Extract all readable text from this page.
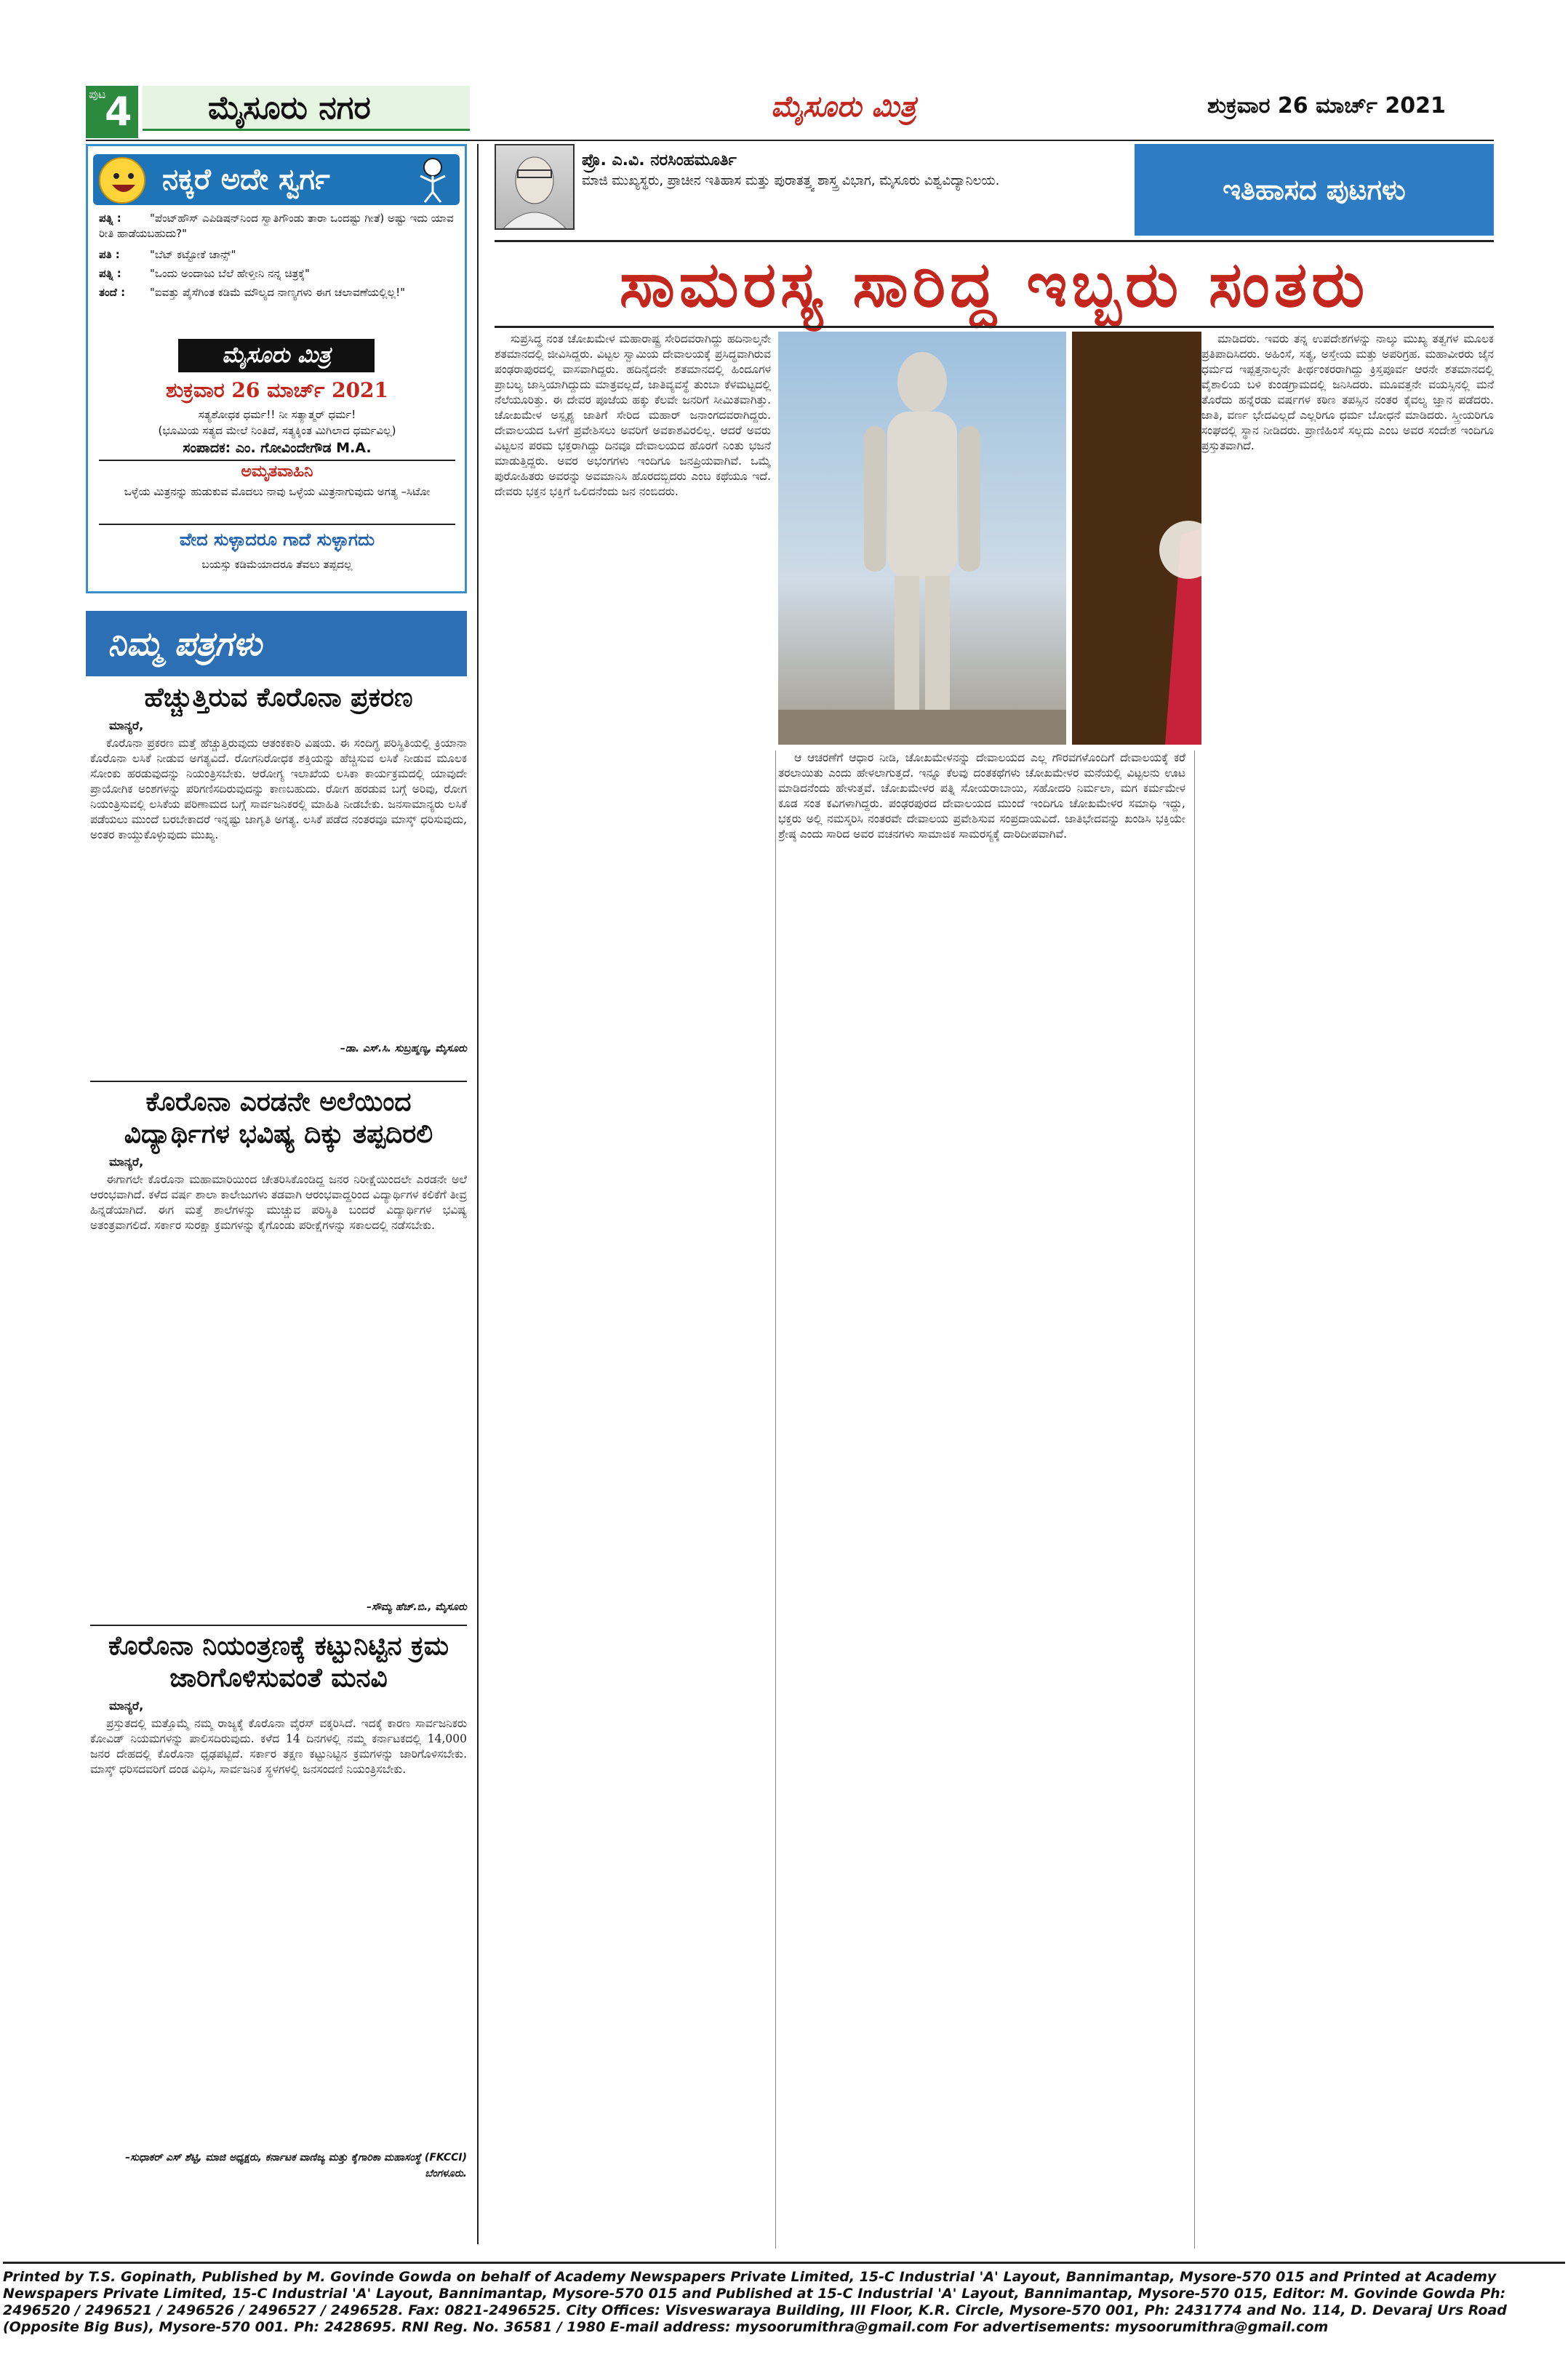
ಪುಟ
4	ಮೈಸೂರು ನಗರ	ಮೈಸೂರು ಮಿತ್ರ	ಶುಕ್ರವಾರ 26 ಮಾರ್ಚ್ 2021
ನಕ್ಕರೆ ಅದೇ ಸ್ವರ್ಗ
ಪತ್ನಿ :	"ಪೆಂಟ್‌ಹೌಸ್ ಎಪಿಡಿಷನ್‌ನಿಂದ ಸ್ವಾತಿಗೌಂಡು ತಾರಾ ಒಂದಷ್ಟು ಗೀತೆ) ಅಷ್ಟು ಇದು ಯಾವ ರೀತಿ ಹಾಡೆಯಬಹುದು?"
ಪತಿ :	"ಬೆಟ್ ಕಟ್ಟೋಕೆ ಚಾನ್ಸ್"
ಪತ್ನಿ :	"ಒಂದು ಅಂದಾಜು ಬೆಲೆ ಹೇಳ್ತೀನಿ ನನ್ನ ಚಿತ್ರಕ್ಕೆ"
ತಂದೆ : "ಐವತ್ತು ಪೈಸೆಗಿಂತ ಕಡಿಮೆ ಮೌಲ್ಯದ ನಾಣ್ಯಗಳು ಈಗ ಚಲಾವಣೆಯಲ್ಲಿಲ್ಲ!"
ಮೈಸೂರು ಮಿತ್ರ
ಶುಕ್ರವಾರ 26 ಮಾರ್ಚ್ 2021
ಸತ್ಯಶೋಧಕ ಧರ್ಮ!! ನೀ ಸತ್ಯಾತ್ಮರ್ ಧರ್ಮ!
(ಭೂಮಿಯ ಸತ್ಯದ ಮೇಲೆ ನಿಂತಿದೆ, ಸತ್ಯಕ್ಕಿಂತ ಮಿಗಿಲಾದ ಧರ್ಮವಿಲ್ಲ)
ಸಂಪಾದಕ: ಎಂ. ಗೋವಿಂದೇಗೌಡ M.A.
ಅಮೃತವಾಹಿನಿ
ಒಳ್ಳೆಯ ಮಿತ್ರನನ್ನು ಹುಡುಕುವ ಮೊದಲು ನಾವು ಒಳ್ಳೆಯ ಮಿತ್ರನಾಗುವುದು ಅಗತ್ಯ –ಸಿಟೋ
ವೇದ ಸುಳ್ಳಾದರೂ ಗಾದೆ ಸುಳ್ಳಾಗದು
ಬಯಸ್ಸು ಕಡಿಮೆಯಾದರೂ ತೆವಲು ತಪ್ಪದಲ್ಲ
ನಿಮ್ಮ ಪತ್ರಗಳು
ಹೆಚ್ಚುತ್ತಿರುವ ಕೊರೊನಾ ಪ್ರಕರಣ
ಮಾನ್ಯರೆ,

ಕೊರೊನಾ ಪ್ರಕರಣ ಮತ್ತೆ ಹೆಚ್ಚುತ್ತಿರುವುದು ಆತಂಕಕಾರಿ ವಿಷಯ. ಈ ಸಂದಿಗ್ಧ ಪರಿಸ್ಥಿತಿಯಲ್ಲಿ ಕ್ರಿಯಾನಾ ಕೊರೊನಾ ಲಸಿಕೆ ನೀಡುವ ಅಗತ್ಯವಿದೆ. ರೋಗನಿರೋಧಕ ಶಕ್ತಿಯನ್ನು ಹೆಚ್ಚಿಸುವ ಲಸಿಕೆ ನೀಡುವ ಮೂಲಕ ಸೋಂಕು ಹರಡುವುದನ್ನು ನಿಯಂತ್ರಿಸಬೇಕು. ಆರೋಗ್ಯ ಇಲಾಖೆಯ ಲಸಿಕಾ ಕಾರ್ಯಕ್ರಮದಲ್ಲಿ ಯಾವುದೇ ಪ್ರಾಯೋಗಿಕ ಅಂಶಗಳನ್ನು ಪರಿಗಣಿಸದಿರುವುದನ್ನು ಕಾಣಬಹುದು. ರೋಗ ಹರಡುವ ಬಗ್ಗೆ ಅರಿವು, ರೋಗ ನಿಯಂತ್ರಿಸುವಲ್ಲಿ ಲಸಿಕೆಯ ಪರಿಣಾಮದ ಬಗ್ಗೆ ಸಾರ್ವಜನಿಕರಲ್ಲಿ ಮಾಹಿತಿ ನೀಡಬೇಕು. ಜನಸಾಮಾನ್ಯರು ಲಸಿಕೆ ಪಡೆಯಲು ಮುಂದೆ ಬರಬೇಕಾದರೆ ಇನ್ನಷ್ಟು ಜಾಗೃತಿ ಅಗತ್ಯ. ಲಸಿಕೆ ಪಡೆದ ನಂತರವೂ ಮಾಸ್ಕ್ ಧರಿಸುವುದು, ಅಂತರ ಕಾಯ್ದುಕೊಳ್ಳುವುದು ಮುಖ್ಯ.

–ಡಾ. ಎಸ್.ಸಿ. ಸುಬ್ರಹ್ಮಣ್ಯ, ಮೈಸೂರು
ಕೊರೊನಾ ಎರಡನೇ ಅಲೆಯಿಂದ ವಿದ್ಯಾರ್ಥಿಗಳ ಭವಿಷ್ಯ ದಿಕ್ಕು ತಪ್ಪದಿರಲಿ
ಮಾನ್ಯರೆ,

ಈಗಾಗಲೇ ಕೊರೊನಾ ಮಹಾಮಾರಿಯಿಂದ ಚೇತರಿಸಿಕೊಂಡಿದ್ದ ಜನರ ನಿರೀಕ್ಷೆಯಿಂದಲೇ ಎರಡನೇ ಅಲೆ ಆರಂಭವಾಗಿದೆ. ಕಳೆದ ವರ್ಷ ಶಾಲಾ ಕಾಲೇಜುಗಳು ತಡವಾಗಿ ಆರಂಭವಾದ್ದರಿಂದ ವಿದ್ಯಾರ್ಥಿಗಳ ಕಲಿಕೆಗೆ ತೀವ್ರ ಹಿನ್ನಡೆಯಾಗಿದೆ. ಈಗ ಮತ್ತೆ ಶಾಲೆಗಳನ್ನು ಮುಚ್ಚುವ ಪರಿಸ್ಥಿತಿ ಬಂದರೆ ವಿದ್ಯಾರ್ಥಿಗಳ ಭವಿಷ್ಯ ಅತಂತ್ರವಾಗಲಿದೆ. ಸರ್ಕಾರ ಸುರಕ್ಷಾ ಕ್ರಮಗಳನ್ನು ಕೈಗೊಂಡು ಪರೀಕ್ಷೆಗಳನ್ನು ಸಕಾಲದಲ್ಲಿ ನಡೆಸಬೇಕು.

–ಸೌಮ್ಯ ಹೆಚ್.ಬಿ., ಮೈಸೂರು
ಕೊರೊನಾ ನಿಯಂತ್ರಣಕ್ಕೆ ಕಟ್ಟುನಿಟ್ಟಿನ ಕ್ರಮ ಜಾರಿಗೊಳಿಸುವಂತೆ ಮನವಿ
ಮಾನ್ಯರೆ,

ಪ್ರಸ್ತುತದಲ್ಲಿ ಮತ್ತೊಮ್ಮೆ ನಮ್ಮ ರಾಜ್ಯಕ್ಕೆ ಕೊರೊನಾ ವೈರಸ್ ವಕ್ಕರಿಸಿದೆ. ಇದಕ್ಕೆ ಕಾರಣ ಸಾರ್ವಜನಿಕರು ಕೋವಿಡ್ ನಿಯಮಗಳನ್ನು ಪಾಲಿಸದಿರುವುದು. ಕಳೆದ 14 ದಿನಗಳಲ್ಲಿ ನಮ್ಮ ಕರ್ನಾಟಕದಲ್ಲಿ 14,000 ಜನರ ದೇಹದಲ್ಲಿ ಕೊರೊನಾ ಧೃಢಪಟ್ಟಿದೆ. ಸರ್ಕಾರ ತಕ್ಷಣ ಕಟ್ಟುನಿಟ್ಟಿನ ಕ್ರಮಗಳನ್ನು ಜಾರಿಗೊಳಿಸಬೇಕು. ಮಾಸ್ಕ್ ಧರಿಸದವರಿಗೆ ದಂಡ ವಿಧಿಸಿ, ಸಾರ್ವಜನಿಕ ಸ್ಥಳಗಳಲ್ಲಿ ಜನಸಂದಣಿ ನಿಯಂತ್ರಿಸಬೇಕು.

–ಸುಧಾಕರ್ ಎಸ್ ಶೆಟ್ಟಿ, ಮಾಜಿ ಅಧ್ಯಕ್ಷರು, ಕರ್ನಾಟಕ ವಾಣಿಜ್ಯ ಮತ್ತು ಕೈಗಾರಿಕಾ ಮಹಾಸಂಸ್ಥೆ (FKCCI) ಬೆಂಗಳೂರು.
ಪ್ರೊ. ಎ.ವಿ. ನರಸಿಂಹಮೂರ್ತಿ
ಮಾಜಿ ಮುಖ್ಯಸ್ಥರು, ಪ್ರಾಚೀನ ಇತಿಹಾಸ ಮತ್ತು ಪುರಾತತ್ತ್ವ ಶಾಸ್ತ್ರ ವಿಭಾಗ, ಮೈಸೂರು ವಿಶ್ವವಿದ್ಯಾನಿಲಯ.	ಇತಿಹಾಸದ ಪುಟಗಳು
ಸಾಮರಸ್ಯ ಸಾರಿದ್ದ ಇಬ್ಬರು ಸಂತರು

ಸುಪ್ರಸಿದ್ಧ ನಂತ ಚೋಖಮೇಳ ಮಹಾರಾಷ್ಟ್ರ ಸೇರಿದವರಾಗಿದ್ದು ಹದಿನಾಲ್ಕನೇ ಶತಮಾನದಲ್ಲಿ ಜೀವಿಸಿದ್ದರು. ವಿಟ್ಟಲ ಸ್ವಾಮಿಯ ದೇವಾಲಯಕ್ಕೆ ಪ್ರಸಿದ್ಧವಾಗಿರುವ ಪಂಢರಾಪುರದಲ್ಲಿ ವಾಸವಾಗಿದ್ದರು. ಹದಿನೈದನೇ ಶತಮಾನದಲ್ಲಿ ಹಿಂದೂಗಳ ಪ್ರಾಬಲ್ಯ ಜಾಸ್ತಿಯಾಗಿದ್ದುದು ಮಾತ್ರವಲ್ಲದೆ, ಜಾತಿವ್ಯವಸ್ಥೆ ತುಂಬಾ ಕೆಳಮಟ್ಟದಲ್ಲಿ ನೆಲೆಯೂರಿತ್ತು. ಈ ದೇವರ ಪೂಜೆಯ ಹಕ್ಕು ಕೆಲವೇ ಜನರಿಗೆ ಸೀಮಿತವಾಗಿತ್ತು. ಚೋಖಮೇಳ ಅಸ್ಪೃಶ್ಯ ಜಾತಿಗೆ ಸೇರಿದ ಮಹಾರ್ ಜನಾಂಗದವರಾಗಿದ್ದರು. ದೇವಾಲಯದ ಒಳಗೆ ಪ್ರವೇಶಿಸಲು ಅವರಿಗೆ ಅವಕಾಶವಿರಲಿಲ್ಲ. ಆದರೆ ಅವರು ವಿಟ್ಟಲನ ಪರಮ ಭಕ್ತರಾಗಿದ್ದು ದಿನವೂ ದೇವಾಲಯದ ಹೊರಗೆ ನಿಂತು ಭಜನೆ ಮಾಡುತ್ತಿದ್ದರು. ಅವರ ಅಭಂಗಗಳು ಇಂದಿಗೂ ಜನಪ್ರಿಯವಾಗಿವೆ. ಒಮ್ಮೆ ಪುರೋಹಿತರು ಅವರನ್ನು ಅವಮಾನಿಸಿ ಹೊರದಬ್ಬಿದರು ಎಂಬ ಕಥೆಯೂ ಇದೆ. ದೇವರು ಭಕ್ತನ ಭಕ್ತಿಗೆ ಒಲಿದನೆಂದು ಜನ ನಂಬಿದರು.

ಆ ಆಚರಣೆಗೆ ಆಧಾರ ನೀಡಿ, ಚೋಖಮೇಳನನ್ನು ದೇವಾಲಯದ ಎಲ್ಲ ಗೌರವಗಳೊಂದಿಗೆ ದೇವಾಲಯಕ್ಕೆ ಕರೆ ತರಲಾಯಿತು ಎಂದು ಹೇಳಲಾಗುತ್ತದೆ. ಇನ್ನೂ ಕೆಲವು ದಂತಕಥೆಗಳು ಚೋಖಮೇಳರ ಮನೆಯಲ್ಲಿ ವಿಟ್ಟಲನು ಊಟ ಮಾಡಿದನೆಂದು ಹೇಳುತ್ತವೆ. ಚೋಖಮೇಳರ ಪತ್ನಿ ಸೋಯರಾಬಾಯಿ, ಸಹೋದರಿ ನಿರ್ಮಲಾ, ಮಗ ಕರ್ಮಮೇಳ ಕೂಡ ಸಂತ ಕವಿಗಳಾಗಿದ್ದರು. ಪಂಢರಪುರದ ದೇವಾಲಯದ ಮುಂದೆ ಇಂದಿಗೂ ಚೋಖಮೇಳರ ಸಮಾಧಿ ಇದ್ದು, ಭಕ್ತರು ಅಲ್ಲಿ ನಮಸ್ಕರಿಸಿ ನಂತರವೇ ದೇವಾಲಯ ಪ್ರವೇಶಿಸುವ ಸಂಪ್ರದಾಯವಿದೆ. ಜಾತಿಭೇದವನ್ನು ಖಂಡಿಸಿ ಭಕ್ತಿಯೇ ಶ್ರೇಷ್ಠ ಎಂದು ಸಾರಿದ ಅವರ ವಚನಗಳು ಸಾಮಾಜಿಕ ಸಾಮರಸ್ಯಕ್ಕೆ ದಾರಿದೀಪವಾಗಿವೆ.

ಮಾಡಿದರು. ಇವರು ತನ್ನ ಉಪದೇಶಗಳನ್ನು ನಾಲ್ಕು ಮುಖ್ಯ ತತ್ವಗಳ ಮೂಲಕ ಪ್ರತಿಪಾದಿಸಿದರು. ಅಹಿಂಸೆ, ಸತ್ಯ, ಅಸ್ತೇಯ ಮತ್ತು ಅಪರಿಗ್ರಹ. ಮಹಾವೀರರು ಜೈನ ಧರ್ಮದ ಇಪ್ಪತ್ತನಾಲ್ಕನೇ ತೀರ್ಥಂಕರರಾಗಿದ್ದು ಕ್ರಿಸ್ತಪೂರ್ವ ಆರನೇ ಶತಮಾನದಲ್ಲಿ ವೈಶಾಲಿಯ ಬಳಿ ಕುಂಡಗ್ರಾಮದಲ್ಲಿ ಜನಿಸಿದರು. ಮೂವತ್ತನೇ ವಯಸ್ಸಿನಲ್ಲಿ ಮನೆ ತೊರೆದು ಹನ್ನೆರಡು ವರ್ಷಗಳ ಕಠಿಣ ತಪಸ್ಸಿನ ನಂತರ ಕೈವಲ್ಯ ಜ್ಞಾನ ಪಡೆದರು. ಜಾತಿ, ವರ್ಣ ಭೇದವಿಲ್ಲದೆ ಎಲ್ಲರಿಗೂ ಧರ್ಮ ಬೋಧನೆ ಮಾಡಿದರು. ಸ್ತ್ರೀಯರಿಗೂ ಸಂಘದಲ್ಲಿ ಸ್ಥಾನ ನೀಡಿದರು. ಪ್ರಾಣಿಹಿಂಸೆ ಸಲ್ಲದು ಎಂಬ ಅವರ ಸಂದೇಶ ಇಂದಿಗೂ ಪ್ರಸ್ತುತವಾಗಿದೆ.

Printed by T.S. Gopinath, Published by M. Govinde Gowda on behalf of Academy Newspapers Private Limited, 15-C Industrial 'A' Layout, Bannimantap, Mysore-570 015 and Printed at Academy Newspapers Private Limited, 15-C Industrial 'A' Layout, Bannimantap, Mysore-570 015 and Published at 15-C Industrial 'A' Layout, Bannimantap, Mysore-570 015, Editor: M. Govinde Gowda Ph: 2496520 / 2496521 / 2496526 / 2496527 / 2496528. Fax: 0821-2496525. City Offices: Visveswaraya Building, III Floor, K.R. Circle, Mysore-570 001, Ph: 2431774 and No. 114, D. Devaraj Urs Road (Opposite Big Bus), Mysore-570 001. Ph: 2428695. RNI Reg. No. 36581 / 1980 E-mail address: mysoorumithra@gmail.com For advertisements: mysoorumithra@gmail.com
